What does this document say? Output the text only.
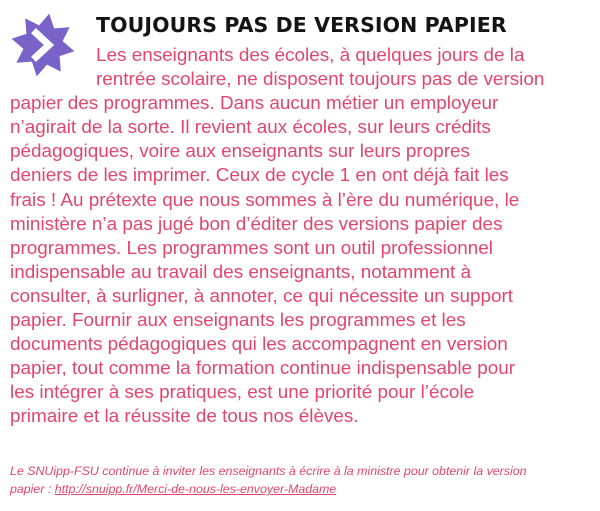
TOUJOURS PAS DE VERSION PAPIER
Les enseignants des écoles, à quelques jours de la
rentrée scolaire, ne disposent toujours pas de version
papier des programmes. Dans aucun métier un employeur
n’agirait de la sorte. Il revient aux écoles, sur leurs crédits
pédagogiques, voire aux enseignants sur leurs propres
deniers de les imprimer. Ceux de cycle 1 en ont déjà fait les
frais ! Au prétexte que nous sommes à l’ère du numérique, le
ministère n’a pas jugé bon d’éditer des versions papier des
programmes. Les programmes sont un outil professionnel
indispensable au travail des enseignants, notamment à
consulter, à surligner, à annoter, ce qui nécessite un support
papier. Fournir aux enseignants les programmes et les
documents pédagogiques qui les accompagnent en version
papier, tout comme la formation continue indispensable pour
les intégrer à ses pratiques, est une priorité pour l’école
primaire et la réussite de tous nos élèves.
Le SNUipp-FSU continue à inviter les enseignants à écrire à la ministre pour obtenir la version
papier : http://snuipp.fr/Merci-de-nous-les-envoyer-Madame
